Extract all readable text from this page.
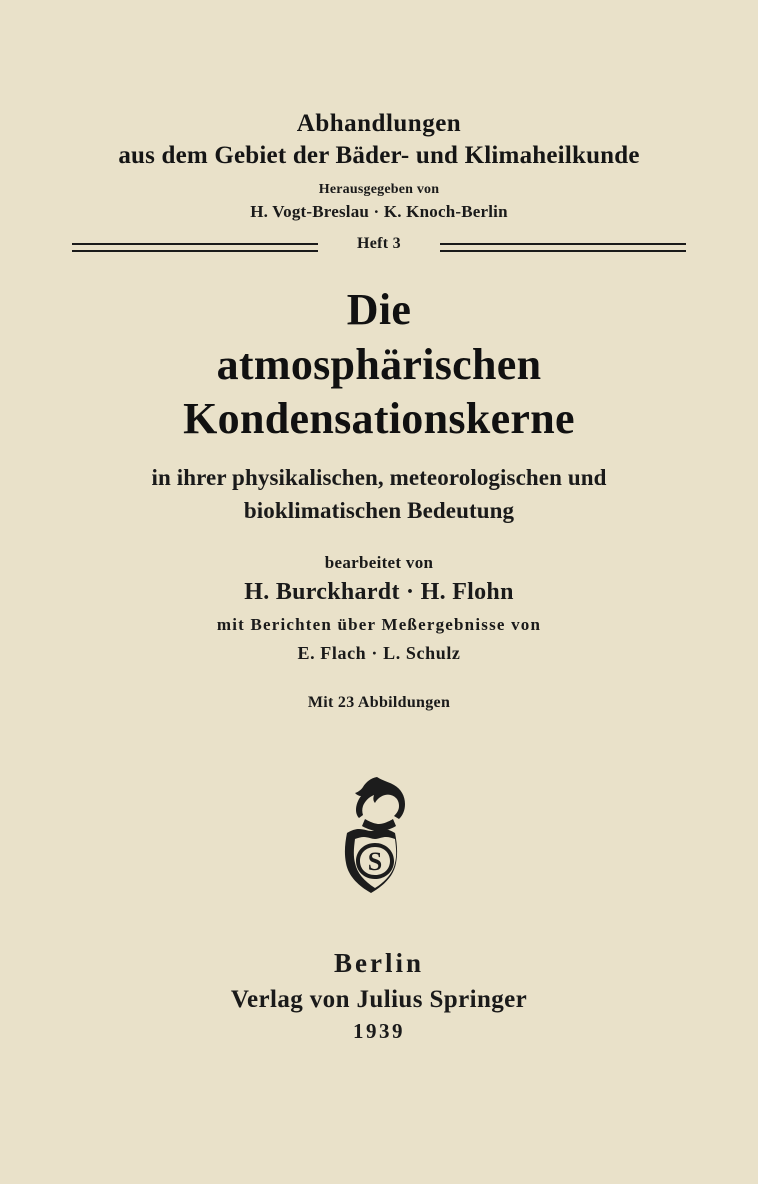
Abhandlungen
aus dem Gebiet der Bäder- und Klimaheilkunde
Herausgegeben von
H. Vogt-Breslau · K. Knoch-Berlin
Heft 3
Die
atmosphärischen
Kondensationskerne
in ihrer physikalischen, meteorologischen und
bioklimatischen Bedeutung
bearbeitet von
H. Burckhardt · H. Flohn
mit Berichten über Meßergebnisse von
E. Flach · L. Schulz
Mit 23 Abbildungen
S
Berlin
Verlag von Julius Springer
1939
